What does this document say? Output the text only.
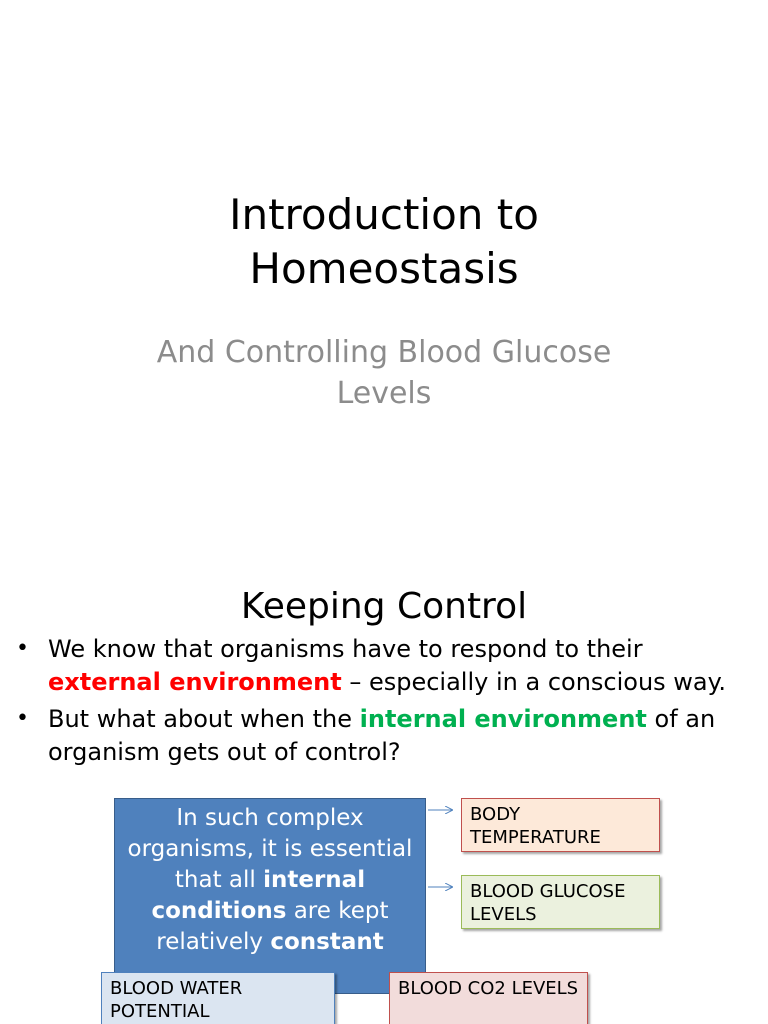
Introduction to
Homeostasis
And Controlling Blood Glucose
Levels
Keeping Control
• We know that organisms have to respond to their external environment – especially in a conscious way.
• But what about when the internal environment of an organism gets out of control?
In such complex organisms, it is essential that all internal conditions are kept relatively constant
BODY TEMPERATURE
BLOOD GLUCOSE LEVELS
BLOOD WATER POTENTIAL
BLOOD CO2 LEVELS
